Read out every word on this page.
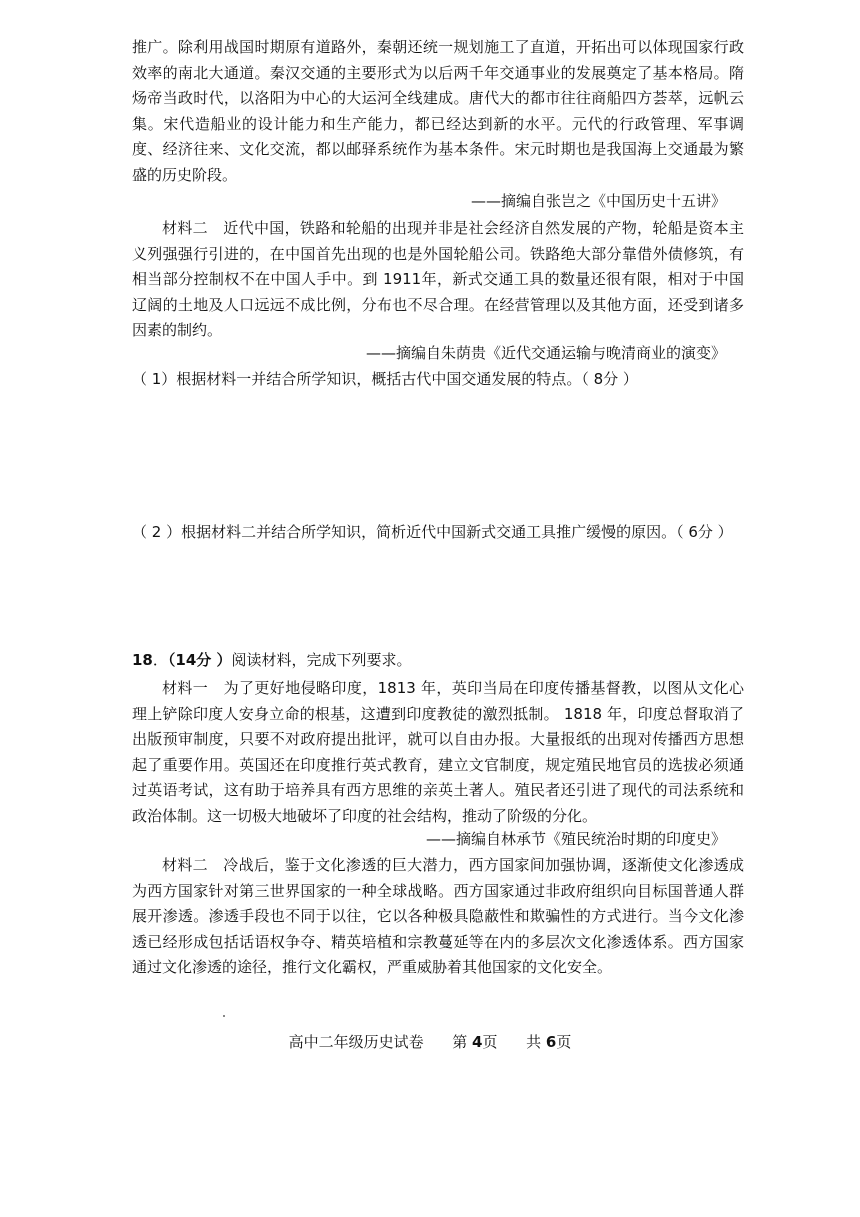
推广。除利用战国时期原有道路外，秦朝还统一规划施工了直道，开拓出可以体现国家行政效率的南北大通道。秦汉交通的主要形式为以后两千年交通事业的发展奠定了基本格局。隋炀帝当政时代，以洛阳为中心的大运河全线建成。唐代大的都市往往商船四方荟萃，远帆云集。宋代造船业的设计能力和生产能力，都已经达到新的水平。元代的行政管理、军事调度、经济往来、文化交流，都以邮驿系统作为基本条件。宋元时期也是我国海上交通最为繁盛的历史阶段。
——摘编自张岂之《中国历史十五讲》
材料二　近代中国，铁路和轮船的出现并非是社会经济自然发展的产物，轮船是资本主义列强强行引进的，在中国首先出现的也是外国轮船公司。铁路绝大部分靠借外债修筑，有相当部分控制权不在中国人手中。到 1911年，新式交通工具的数量还很有限，相对于中国辽阔的土地及人口远远不成比例，分布也不尽合理。在经营管理以及其他方面，还受到诸多因素的制约。
——摘编自朱荫贵《近代交通运输与晚清商业的演变》
（ 1）根据材料一并结合所学知识，概括古代中国交通发展的特点。（ 8分 ）
（ 2 ）根据材料二并结合所学知识，简析近代中国新式交通工具推广缓慢的原因。（ 6分 ）
18．（14分 ）阅读材料，完成下列要求。
材料一　为了更好地侵略印度，1813 年，英印当局在印度传播基督教，以图从文化心理上铲除印度人安身立命的根基，这遭到印度教徒的激烈抵制。 1818 年，印度总督取消了出版预审制度，只要不对政府提出批评，就可以自由办报。大量报纸的出现对传播西方思想起了重要作用。英国还在印度推行英式教育，建立文官制度，规定殖民地官员的选拔必须通过英语考试，这有助于培养具有西方思维的亲英土著人。殖民者还引进了现代的司法系统和政治体制。这一切极大地破坏了印度的社会结构，推动了阶级的分化。
——摘编自林承节《殖民统治时期的印度史》
材料二　冷战后，鉴于文化渗透的巨大潜力，西方国家间加强协调，逐渐使文化渗透成为西方国家针对第三世界国家的一种全球战略。西方国家通过非政府组织向目标国普通人群展开渗透。渗透手段也不同于以往，它以各种极具隐蔽性和欺骗性的方式进行。当今文化渗透已经形成包括话语权争夺、精英培植和宗教蔓延等在内的多层次文化渗透体系。西方国家通过文化渗透的途径，推行文化霸权，严重威胁着其他国家的文化安全。
高中二年级历史试卷 第 4页 共 6页
